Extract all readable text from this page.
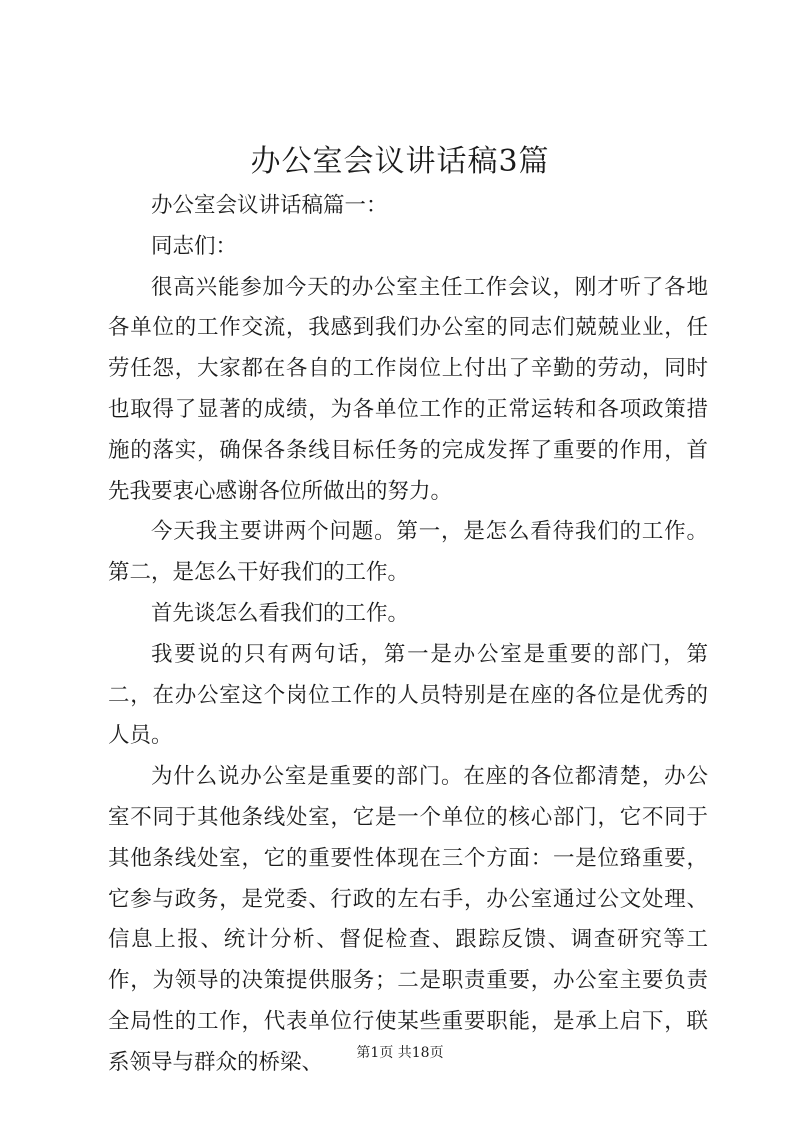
办公室会议讲话稿3篇

办公室会议讲话稿篇一：

同志们：

很高兴能参加今天的办公室主任工作会议，刚才听了各地各单位的工作交流，我感到我们办公室的同志们兢兢业业，任劳任怨，大家都在各自的工作岗位上付出了辛勤的劳动，同时也取得了显著的成绩，为各单位工作的正常运转和各项政策措施的落实，确保各条线目标任务的完成发挥了重要的作用，首先我要衷心感谢各位所做出的努力。

今天我主要讲两个问题。第一，是怎么看待我们的工作。第二，是怎么干好我们的工作。

首先谈怎么看我们的工作。

我要说的只有两句话，第一是办公室是重要的部门，第二，在办公室这个岗位工作的人员特别是在座的各位是优秀的人员。

为什么说办公室是重要的部门。在座的各位都清楚，办公室不同于其他条线处室，它是一个单位的核心部门，它不同于其他条线处室，它的重要性体现在三个方面：一是位臵重要，它参与政务，是党委、行政的左右手，办公室通过公文处理、信息上报、统计分析、督促检查、跟踪反馈、调查研究等工作，为领导的决策提供服务；二是职责重要，办公室主要负责全局性的工作，代表单位行使某些重要职能，是承上启下，联系领导与群众的桥梁、	第1页 共18页
